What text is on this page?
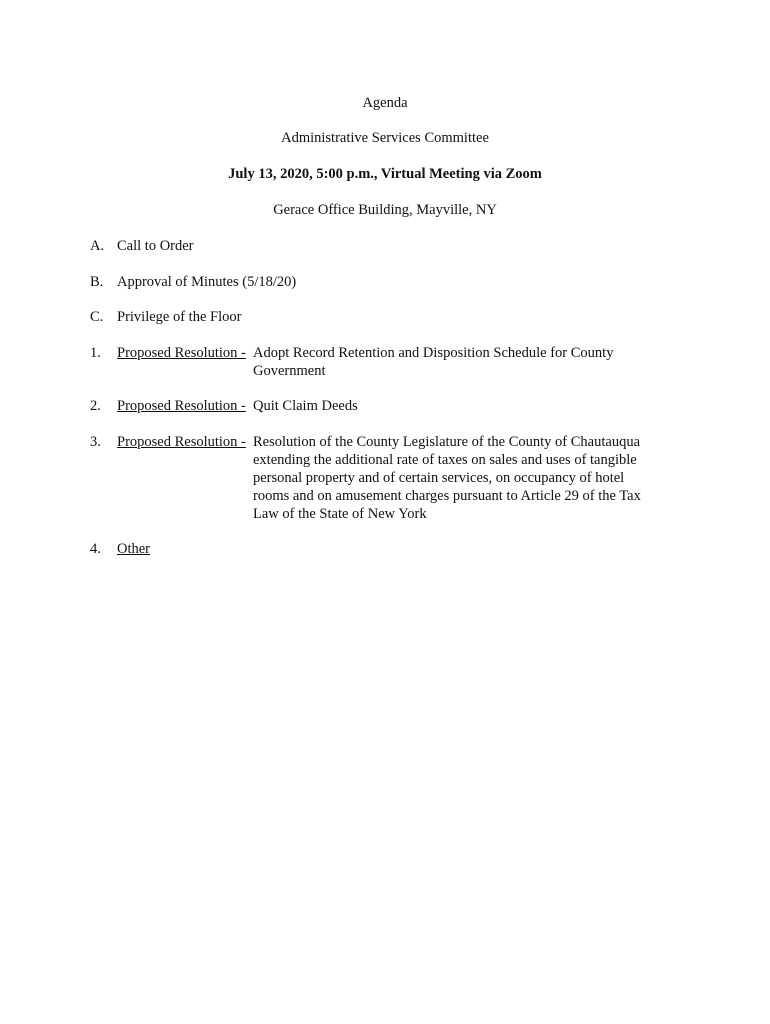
Agenda
Administrative Services Committee
July 13, 2020, 5:00 p.m., Virtual Meeting via Zoom
Gerace Office Building, Mayville, NY
A. Call to Order
B. Approval of Minutes (5/18/20)
C. Privilege of the Floor
1. Proposed Resolution - Adopt Record Retention and Disposition Schedule for County
Government
2. Proposed Resolution - Quit Claim Deeds
3. Proposed Resolution - Resolution of the County Legislature of the County of Chautauqua
extending the additional rate of taxes on sales and uses of tangible
personal property and of certain services, on occupancy of hotel
rooms and on amusement charges pursuant to Article 29 of the Tax
Law of the State of New York
4. Other
